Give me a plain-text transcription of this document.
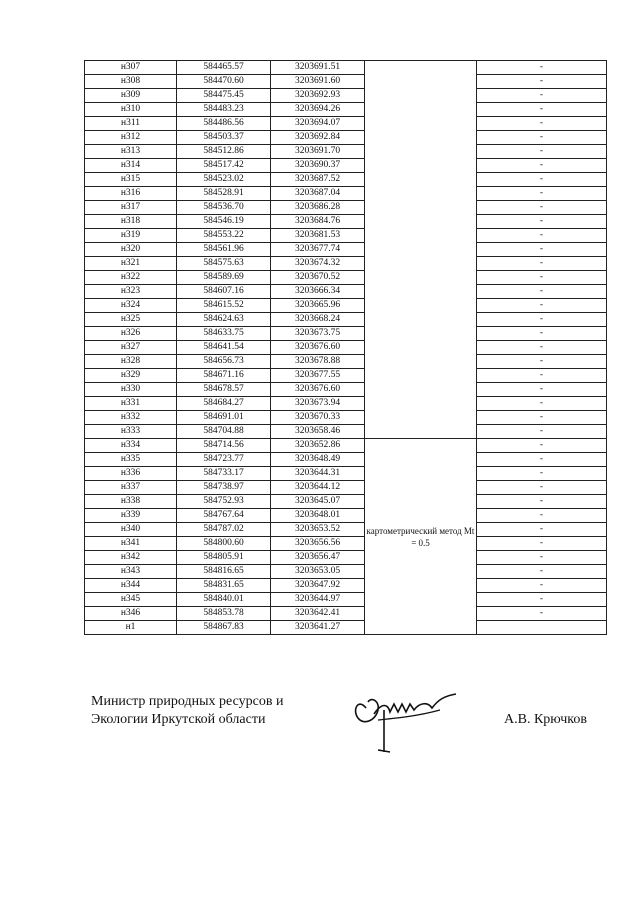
н307	584465.57	3203691.51		-
н308	584470.60	3203691.60		-
н309	584475.45	3203692.93		-
н310	584483.23	3203694.26		-
н311	584486.56	3203694.07		-
н312	584503.37	3203692.84		-
н313	584512.86	3203691.70		-
н314	584517.42	3203690.37		-
н315	584523.02	3203687.52		-
н316	584528.91	3203687.04		-
н317	584536.70	3203686.28		-
н318	584546.19	3203684.76		-
н319	584553.22	3203681.53		-
н320	584561.96	3203677.74		-
н321	584575.63	3203674.32		-
н322	584589.69	3203670.52		-
н323	584607.16	3203666.34		-
н324	584615.52	3203665.96		-
н325	584624.63	3203668.24		-
н326	584633.75	3203673.75		-
н327	584641.54	3203676.60		-
н328	584656.73	3203678.88		-
н329	584671.16	3203677.55		-
н330	584678.57	3203676.60		-
н331	584684.27	3203673.94		-
н332	584691.01	3203670.33		-
н333	584704.88	3203658.46		-
н334	584714.56	3203652.86	картометрический метод Mt = 0.5	-
н335	584723.77	3203648.49		-
н336	584733.17	3203644.31		-
н337	584738.97	3203644.12		-
н338	584752.93	3203645.07		-
н339	584767.64	3203648.01		-
н340	584787.02	3203653.52		-
н341	584800.60	3203656.56		-
н342	584805.91	3203656.47		-
н343	584816.65	3203653.05		-
н344	584831.65	3203647.92		-
н345	584840.01	3203644.97		-
н346	584853.78	3203642.41		-
н1	584867.83	3203641.27		
Министр природных ресурсов и
Экологии Иркутской области	А.В. Крючков
